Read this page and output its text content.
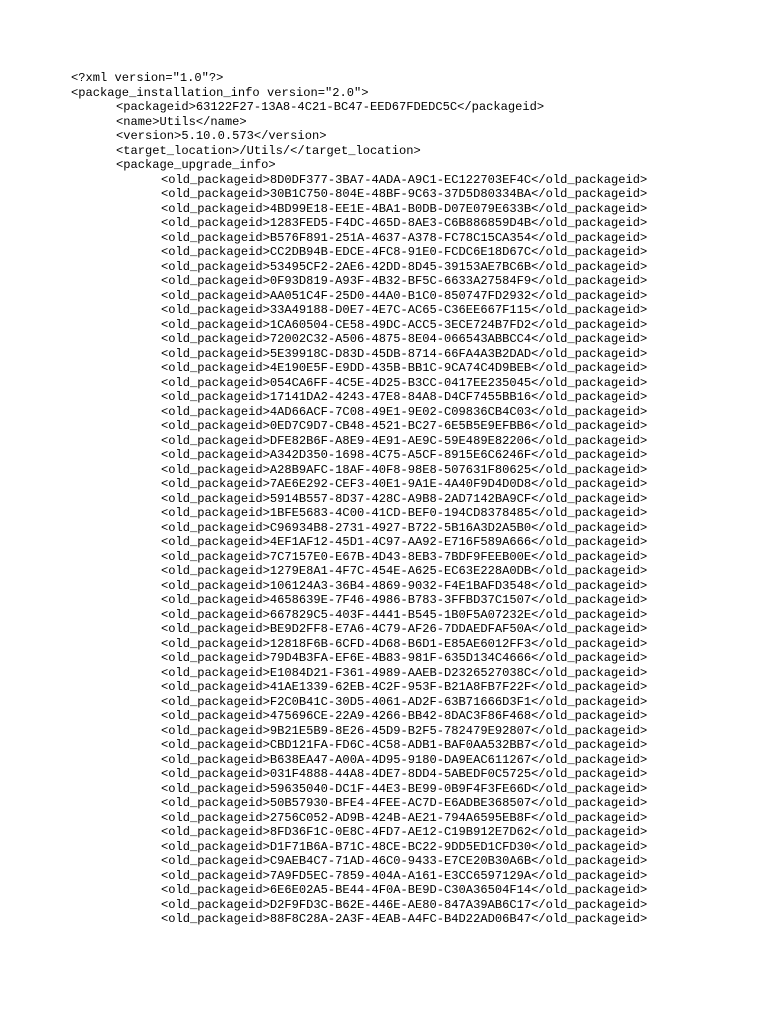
<?xml version="1.0"?>
<package_installation_info version="2.0">
<packageid>63122F27-13A8-4C21-BC47-EED67FDEDC5C</packageid>
<name>Utils</name>
<version>5.10.0.573</version>
<target_location>/Utils/</target_location>
<package_upgrade_info>
<old_packageid>8D0DF377-3BA7-4ADA-A9C1-EC122703EF4C</old_packageid>
<old_packageid>30B1C750-804E-48BF-9C63-37D5D80334BA</old_packageid>
<old_packageid>4BD99E18-EE1E-4BA1-B0DB-D07E079E633B</old_packageid>
<old_packageid>1283FED5-F4DC-465D-8AE3-C6B886859D4B</old_packageid>
<old_packageid>B576F891-251A-4637-A378-FC78C15CA354</old_packageid>
<old_packageid>CC2DB94B-EDCE-4FC8-91E0-FCDC6E18D67C</old_packageid>
<old_packageid>53495CF2-2AE6-42DD-8D45-39153AE7BC6B</old_packageid>
<old_packageid>0F93D819-A93F-4B32-BF5C-6633A27584F9</old_packageid>
<old_packageid>AA051C4F-25D0-44A0-B1C0-850747FD2932</old_packageid>
<old_packageid>33A49188-D0E7-4E7C-AC65-C36EE667F115</old_packageid>
<old_packageid>1CA60504-CE58-49DC-ACC5-3ECE724B7FD2</old_packageid>
<old_packageid>72002C32-A506-4875-8E04-066543ABBCC4</old_packageid>
<old_packageid>5E39918C-D83D-45DB-8714-66FA4A3B2DAD</old_packageid>
<old_packageid>4E190E5F-E9DD-435B-BB1C-9CA74C4D9BEB</old_packageid>
<old_packageid>054CA6FF-4C5E-4D25-B3CC-0417EE235045</old_packageid>
<old_packageid>17141DA2-4243-47E8-84A8-D4CF7455BB16</old_packageid>
<old_packageid>4AD66ACF-7C08-49E1-9E02-C09836CB4C03</old_packageid>
<old_packageid>0ED7C9D7-CB48-4521-BC27-6E5B5E9EFBB6</old_packageid>
<old_packageid>DFE82B6F-A8E9-4E91-AE9C-59E489E82206</old_packageid>
<old_packageid>A342D350-1698-4C75-A5CF-8915E6C6246F</old_packageid>
<old_packageid>A28B9AFC-18AF-40F8-98E8-507631F80625</old_packageid>
<old_packageid>7AE6E292-CEF3-40E1-9A1E-4A40F9D4D0D8</old_packageid>
<old_packageid>5914B557-8D37-428C-A9B8-2AD7142BA9CF</old_packageid>
<old_packageid>1BFE5683-4C00-41CD-BEF0-194CD8378485</old_packageid>
<old_packageid>C96934B8-2731-4927-B722-5B16A3D2A5B0</old_packageid>
<old_packageid>4EF1AF12-45D1-4C97-AA92-E716F589A666</old_packageid>
<old_packageid>7C7157E0-E67B-4D43-8EB3-7BDF9FEEB00E</old_packageid>
<old_packageid>1279E8A1-4F7C-454E-A625-EC63E228A0DB</old_packageid>
<old_packageid>106124A3-36B4-4869-9032-F4E1BAFD3548</old_packageid>
<old_packageid>4658639E-7F46-4986-B783-3FFBD37C1507</old_packageid>
<old_packageid>667829C5-403F-4441-B545-1B0F5A07232E</old_packageid>
<old_packageid>BE9D2FF8-E7A6-4C79-AF26-7DDAEDFAF50A</old_packageid>
<old_packageid>12818F6B-6CFD-4D68-B6D1-E85AE6012FF3</old_packageid>
<old_packageid>79D4B3FA-EF6E-4B83-981F-635D134C4666</old_packageid>
<old_packageid>E1084D21-F361-4989-AAEB-D2326527038C</old_packageid>
<old_packageid>41AE1339-62EB-4C2F-953F-B21A8FB7F22F</old_packageid>
<old_packageid>F2C0B41C-30D5-4061-AD2F-63B71666D3F1</old_packageid>
<old_packageid>475696CE-22A9-4266-BB42-8DAC3F86F468</old_packageid>
<old_packageid>9B21E5B9-8E26-45D9-B2F5-782479E92807</old_packageid>
<old_packageid>CBD121FA-FD6C-4C58-ADB1-BAF0AA532BB7</old_packageid>
<old_packageid>B638EA47-A00A-4D95-9180-DA9EAC611267</old_packageid>
<old_packageid>031F4888-44A8-4DE7-8DD4-5ABEDF0C5725</old_packageid>
<old_packageid>59635040-DC1F-44E3-BE99-0B9F4F3FE66D</old_packageid>
<old_packageid>50B57930-BFE4-4FEE-AC7D-E6ADBE368507</old_packageid>
<old_packageid>2756C052-AD9B-424B-AE21-794A6595EB8F</old_packageid>
<old_packageid>8FD36F1C-0E8C-4FD7-AE12-C19B912E7D62</old_packageid>
<old_packageid>D1F71B6A-B71C-48CE-BC22-9DD5ED1CFD30</old_packageid>
<old_packageid>C9AEB4C7-71AD-46C0-9433-E7CE20B30A6B</old_packageid>
<old_packageid>7A9FD5EC-7859-404A-A161-E3CC6597129A</old_packageid>
<old_packageid>6E6E02A5-BE44-4F0A-BE9D-C30A36504F14</old_packageid>
<old_packageid>D2F9FD3C-B62E-446E-AE80-847A39AB6C17</old_packageid>
<old_packageid>88F8C28A-2A3F-4EAB-A4FC-B4D22AD06B47</old_packageid>
